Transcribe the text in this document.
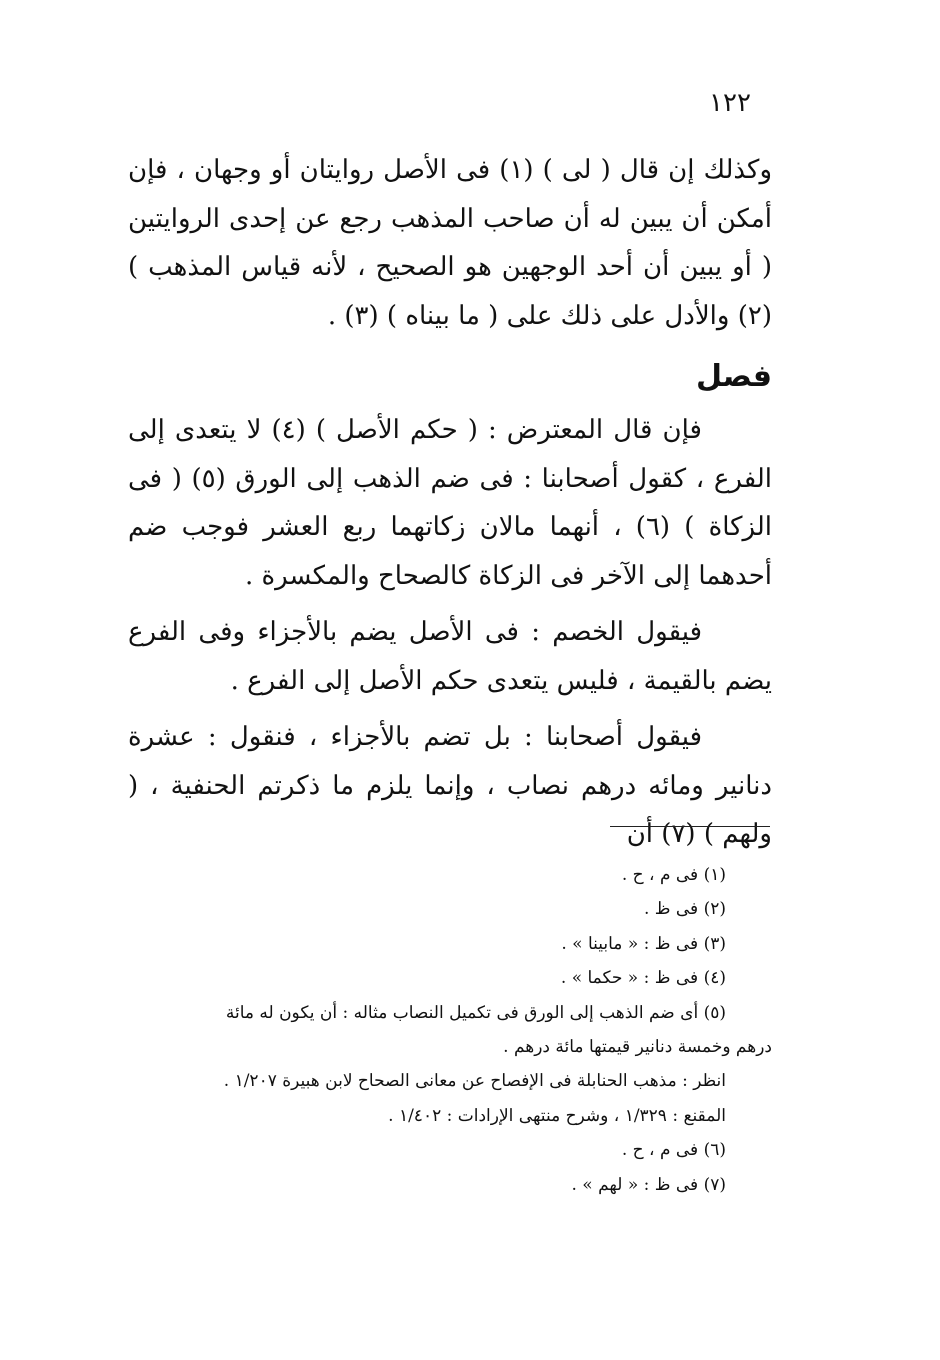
١٢٢

وكذلك إن قال ( لى ) (١) فى الأصل روايتان أو وجهان ، فإن أمكن أن يبين له أن صاحب المذهب رجع عن إحدى الروايتين ( أو يبين أن أحد الوجهين هو الصحيح ، لأنه قياس المذهب ) (٢) والأدل على ذلك على ( ما بيناه ) (٣) .

فصل

فإن قال المعترض : ( حكم الأصل ) (٤) لا يتعدى إلى الفرع ، كقول أصحابنا : فى ضم الذهب إلى الورق (٥) ( فى الزكاة ) (٦) ، أنهما مالان زكاتهما ربع العشر فوجب ضم أحدهما إلى الآخر فى الزكاة كالصحاح والمكسرة .

فيقول الخصم : فى الأصل يضم بالأجزاء وفى الفرع يضم بالقيمة ، فليس يتعدى حكم الأصل إلى الفرع .

فيقول أصحابنا : بل تضم بالأجزاء ، فنقول : عشرة دنانير ومائه درهم نصاب ، وإنما يلزم ما ذكرتم الحنفية ، ( ولهم ) (٧) أن

(١) فى م ، ح .

(٢) فى ظ .

(٣) فى ظ : « مابينا » .

(٤) فى ظ : « حكما » .

(٥) أى ضم الذهب إلى الورق فى تكميل النصاب مثاله : أن يكون له مائة

درهم وخمسة دنانير قيمتها مائة درهم .

انظر : مذهب الحنابلة فى الإفصاح عن معانى الصحاح لابن هبيرة ١/٢٠٧ .

المقنع : ١/٣٢٩ ، وشرح منتهى الإرادات : ١/٤٠٢ .

(٦) فى م ، ح .

(٧) فى ظ : « لهم » .
